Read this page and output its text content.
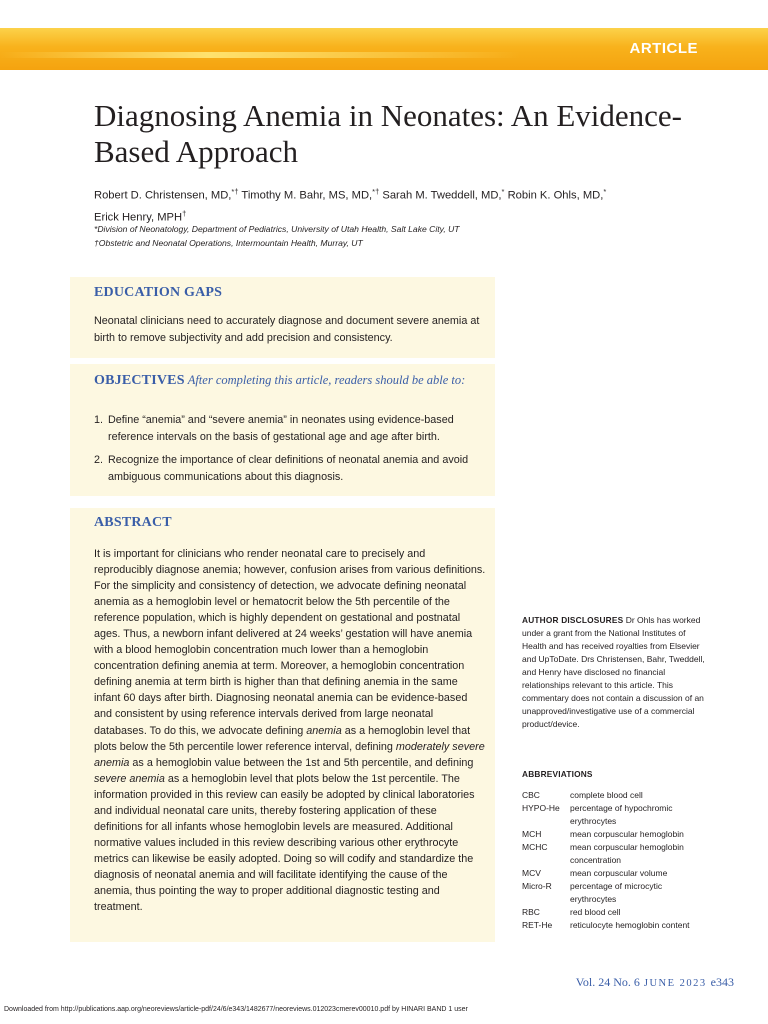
ARTICLE
Diagnosing Anemia in Neonates: An Evidence-Based Approach
Robert D. Christensen, MD,*† Timothy M. Bahr, MS, MD,*† Sarah M. Tweddell, MD,* Robin K. Ohls, MD,*
Erick Henry, MPH†
*Division of Neonatology, Department of Pediatrics, University of Utah Health, Salt Lake City, UT
†Obstetric and Neonatal Operations, Intermountain Health, Murray, UT
EDUCATION GAPS
Neonatal clinicians need to accurately diagnose and document severe anemia at birth to remove subjectivity and add precision and consistency.
OBJECTIVES After completing this article, readers should be able to:
1. Define “anemia” and “severe anemia” in neonates using evidence-based reference intervals on the basis of gestational age and age after birth.
2. Recognize the importance of clear definitions of neonatal anemia and avoid ambiguous communications about this diagnosis.
ABSTRACT
It is important for clinicians who render neonatal care to precisely and reproducibly diagnose anemia; however, confusion arises from various definitions. For the simplicity and consistency of detection, we advocate defining neonatal anemia as a hemoglobin level or hematocrit below the 5th percentile of the reference population, which is highly dependent on gestational and postnatal ages. Thus, a newborn infant delivered at 24 weeks’ gestation will have anemia with a blood hemoglobin concentration much lower than a hemoglobin concentration defining anemia at term. Moreover, a hemoglobin concentration defining anemia at term birth is higher than that defining anemia in the same infant 60 days after birth. Diagnosing neonatal anemia can be evidence-based and consistent by using reference intervals derived from large neonatal databases. To do this, we advocate defining anemia as a hemoglobin level that plots below the 5th percentile lower reference interval, defining moderately severe anemia as a hemoglobin value between the 1st and 5th percentile, and defining severe anemia as a hemoglobin level that plots below the 1st percentile. The information provided in this review can easily be adopted by clinical laboratories and individual neonatal care units, thereby fostering application of these definitions for all infants whose hemoglobin levels are measured. Additional normative values included in this review describing various other erythrocyte metrics can likewise be easily adopted. Doing so will codify and standardize the diagnosis of neonatal anemia and will facilitate identifying the cause of the anemia, thus pointing the way to proper additional diagnostic testing and treatment.
AUTHOR DISCLOSURES Dr Ohls has worked under a grant from the National Institutes of Health and has received royalties from Elsevier and UpToDate. Drs Christensen, Bahr, Tweddell, and Henry have disclosed no financial relationships relevant to this article. This commentary does not contain a discussion of an unapproved/investigative use of a commercial product/device.
ABBREVIATIONS
CBC	complete blood cell
HYPO-He percentage of hypochromic erythrocytes
MCH	mean corpuscular hemoglobin
MCHC	mean corpuscular hemoglobin concentration
MCV	mean corpuscular volume
Micro-R percentage of microcytic erythrocytes
RBC	red blood cell
RET-He reticulocyte hemoglobin content
Vol. 24 No. 6 JUNE 2023 e343
Downloaded from http://publications.aap.org/neoreviews/article-pdf/24/6/e343/1482677/neoreviews.012023cmerev00010.pdf by HINARI BAND 1 user
